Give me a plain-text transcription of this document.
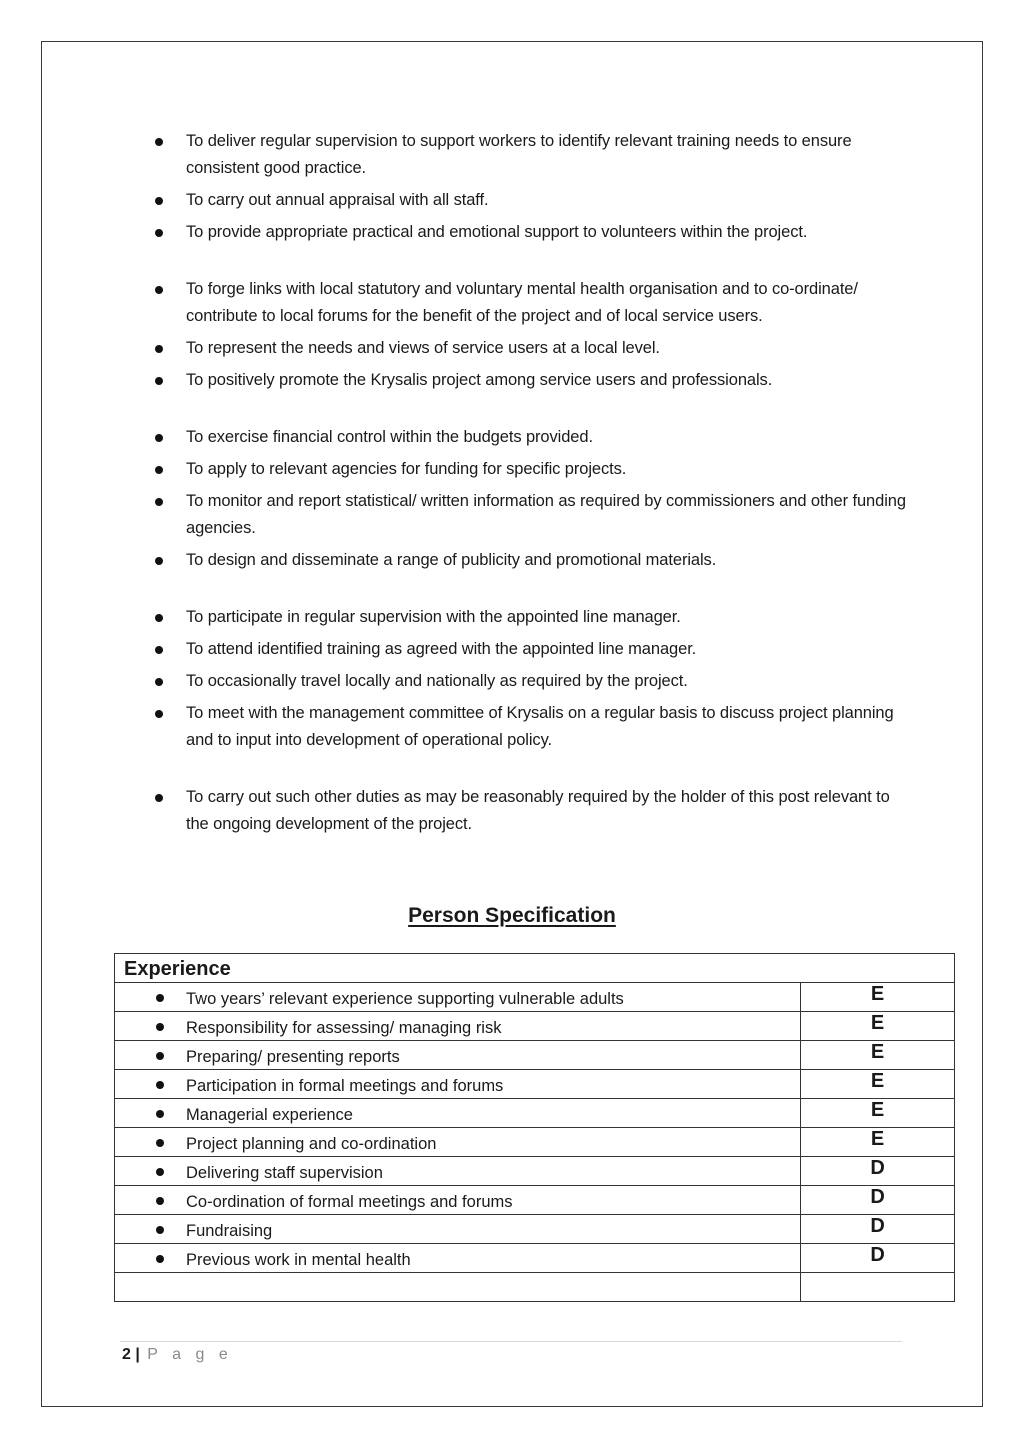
To deliver regular supervision to support workers to identify relevant training needs to ensure consistent good practice.
To carry out annual appraisal with all staff.
To provide appropriate practical and emotional support to volunteers within the project.
To forge links with local statutory and voluntary mental health organisation and to co-ordinate/ contribute to local forums for the benefit of the project and of local service users.
To represent the needs and views of service users at a local level.
To positively promote the Krysalis project among service users and professionals.
To exercise financial control within the budgets provided.
To apply to relevant agencies for funding for specific projects.
To monitor and report statistical/ written information as required by commissioners and other funding agencies.
To design and disseminate a range of publicity and promotional materials.
To participate in regular supervision with the appointed line manager.
To attend identified training as agreed with the appointed line manager.
To occasionally travel locally and nationally as required by the project.
To meet with the management committee of Krysalis on a regular basis to discuss project planning and to input into development of operational policy.
To carry out such other duties as may be reasonably required by the holder of this post relevant to the ongoing development of the project.
Person Specification
Experience	

Two years’ relevant experience supporting vulnerable adults	E

Responsibility for assessing/ managing risk	E

Preparing/ presenting reports	E

Participation in formal meetings and forums	E

Managerial experience	E

Project planning and co-ordination	E

Delivering staff supervision	D

Co-ordination of formal meetings and forums	D

Fundraising	D

Previous work in mental health	D

2 | P a g e
